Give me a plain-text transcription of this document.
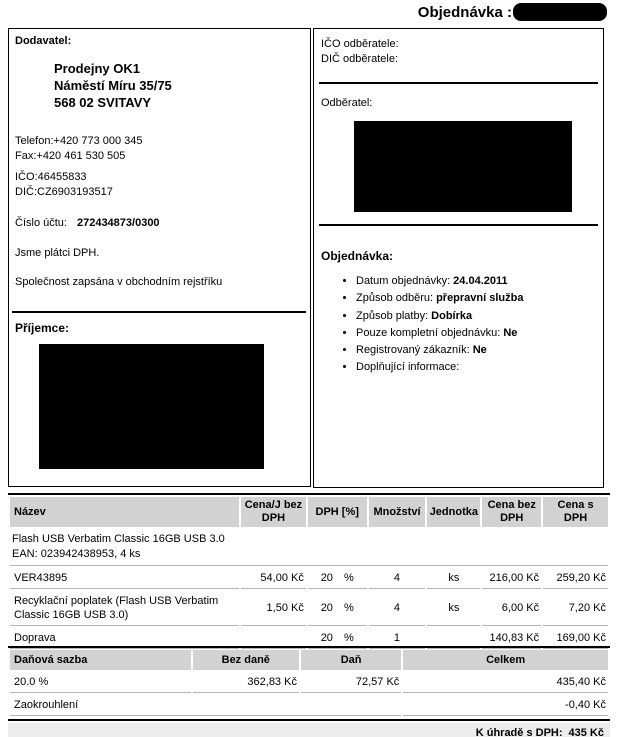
Objednávka :
Dodavatel:
Prodejny OK1
Náměstí Míru 35/75
568 02 SVITAVY
Telefon:+420 773 000 345
Fax:+420 461 530 505
IČO:46455833
DIČ:CZ6903193517
Číslo účtu: 272434873/0300
Jsme plátci DPH.
Společnost zapsána v obchodním rejstříku
Příjemce:
IČO odběratele:
DIČ odběratele:
Odběratel:
Objednávka:
• Datum objednávky: 24.04.2011
• Způsob odběru: přepravní služba
• Způsob platby: Dobírka
• Pouze kompletní objednávku: Ne
• Registrovaný zákazník: Ne
• Doplňující informace:
Název	Cena/J bez DPH	DPH [%]	Množství	Jednotka	Cena bez DPH	Cena s DPH

Flash USB Verbatim Classic 16GB USB 3.0
EAN: 023942438953, 4 ks						

VER43895	54,00 Kč	20 %	4	ks	216,00 Kč	259,20 Kč
Recyklační poplatek (Flash USB Verbatim Classic 16GB USB 3.0)	1,50 Kč	20 %	4	ks	6,00 Kč	7,20 Kč
Doprava		20 %	1		140,83 Kč	169,00 Kč
Daňová sazba	Bez daně	Daň	Celkem
20.0 %	362,83 Kč	72,57 Kč	435,40 Kč
Zaokrouhlení			-0,40 Kč
K úhradě s DPH: 435 Kč
